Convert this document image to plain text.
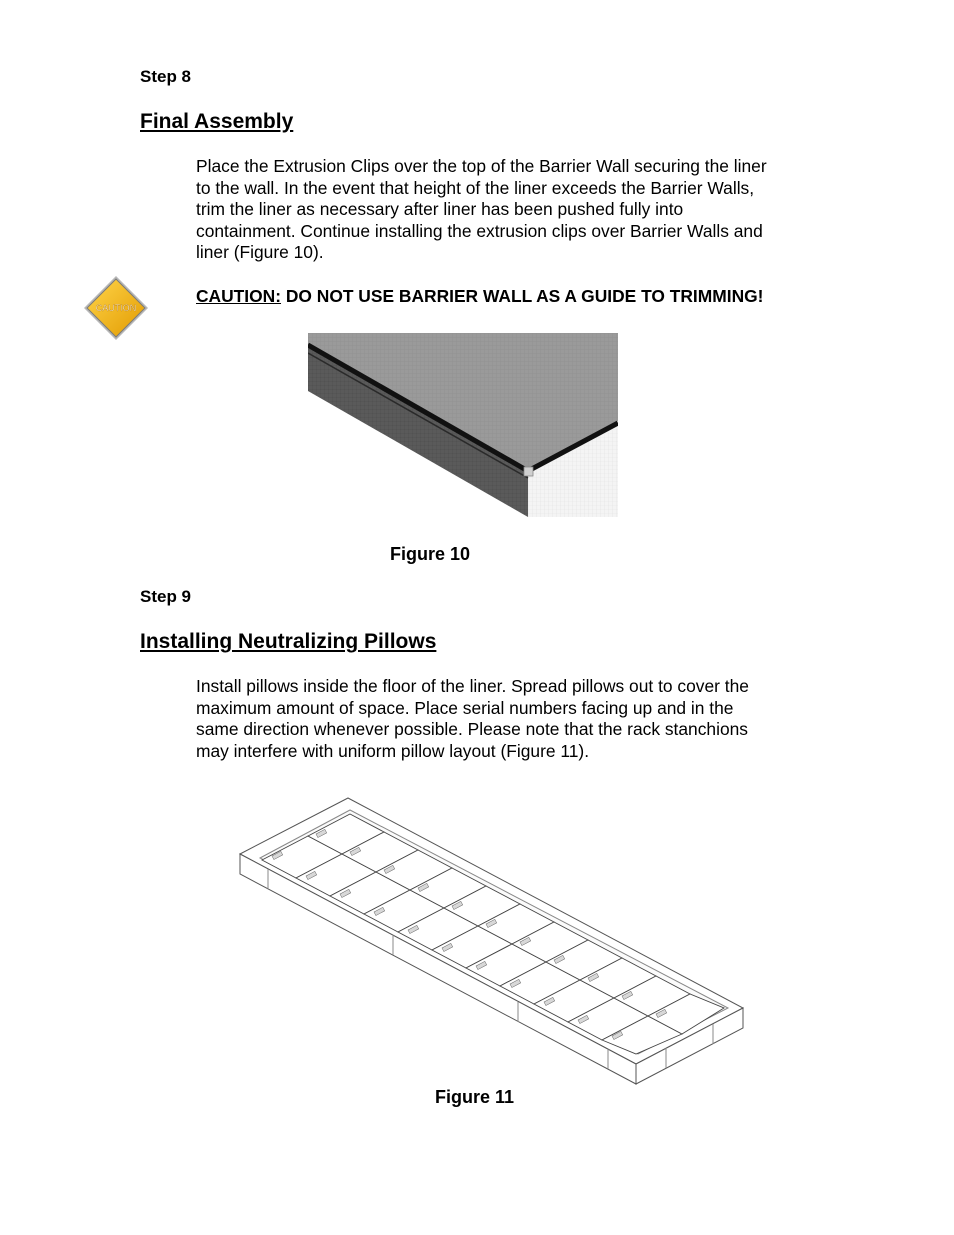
Step 8
Final Assembly
Place the Extrusion Clips over the top of the Barrier Wall securing the liner
to the wall. In the event that height of the liner exceeds the Barrier Walls,
trim the liner as necessary after liner has been pushed fully into
containment. Continue installing the extrusion clips over Barrier Walls and
liner (Figure 10).
CAUTION
CAUTION: DO NOT USE BARRIER WALL AS A GUIDE TO TRIMMING!
Figure 10
Step 9
Installing Neutralizing Pillows
Install pillows inside the floor of the liner. Spread pillows out to cover the
maximum amount of space. Place serial numbers facing up and in the
same direction whenever possible. Please note that the rack stanchions
may interfere with uniform pillow layout (Figure 11).
Figure 11
